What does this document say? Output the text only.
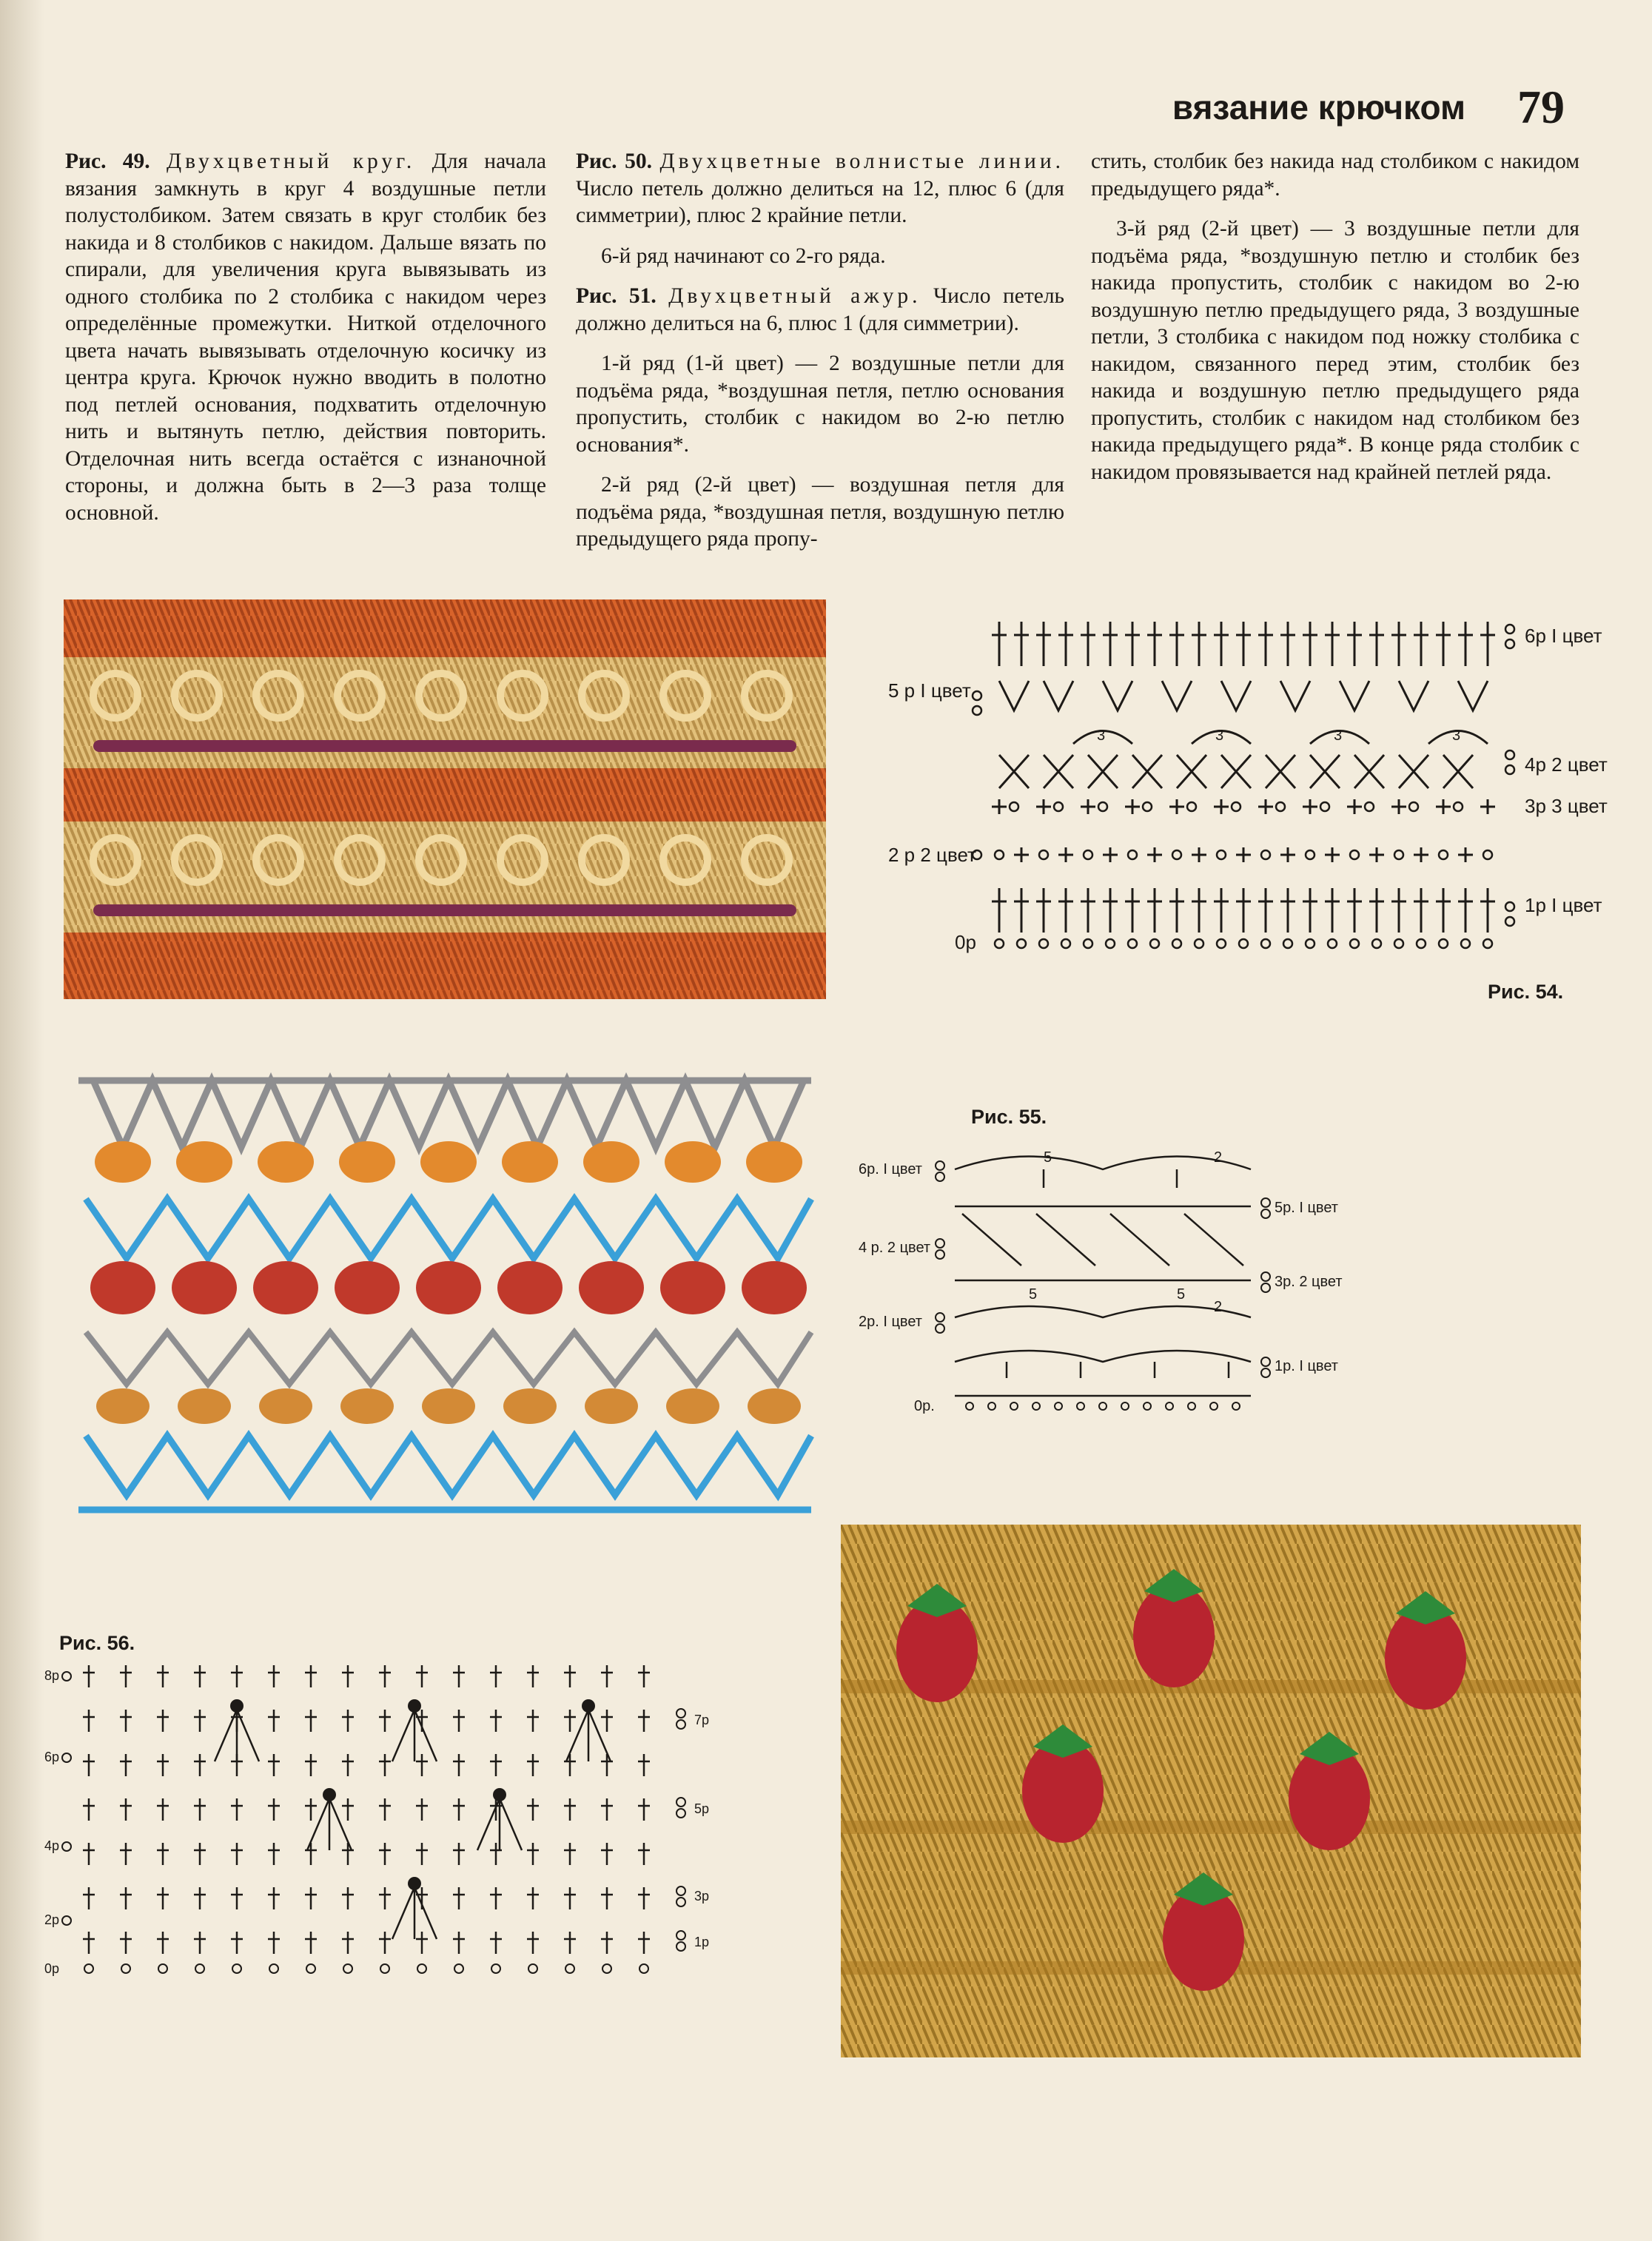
вязание крючком 79

Рис. 49. Двухцветный круг. Для начала вязания замкнуть в круг 4 воздушные петли полустолбиком. Затем связать в круг столбик без накида и 8 столбиков с накидом. Дальше вязать по спирали, для увеличения круга вывязывать из одного столбика по 2 столбика с накидом через определённые промежутки. Ниткой отделочного цвета начать вывязывать отделочную косичку из центра круга. Крючок нужно вводить в полотно под петлей основания, подхватить отделочную нить и вытянуть петлю, действия повторить. Отделочная нить всегда остаётся с изнаночной стороны, и должна быть в 2—3 раза толще основной.

Рис. 50. Двухцветные волнистые линии. Число петель должно делиться на 12, плюс 6 (для симметрии), плюс 2 крайние петли.

6-й ряд начинают со 2-го ряда.

Рис. 51. Двухцветный ажур. Число петель должно делиться на 6, плюс 1 (для симметрии).

1-й ряд (1-й цвет) — 2 воздушные петли для подъёма ряда, *воздушная петля, петлю основания пропустить, столбик с накидом во 2-ю петлю основания*.

2-й ряд (2-й цвет) — воздушная петля для подъёма ряда, *воздушная петля, воздушную петлю предыдущего ряда пропу-

стить, столбик без накида над столбиком с накидом предыдущего ряда*.

3-й ряд (2-й цвет) — 3 воздушные петли для подъёма ряда, *воздушную петлю и столбик без накида пропустить, столбик с накидом во 2-ю воздушную петлю предыдущего ряда, 3 воздушные петли, 3 столбика с накидом под ножку столбика с накидом, связанного перед этим, столбик без накида и воздушную петлю предыдущего ряда пропустить, столбик с накидом над столбиком без накида предыдущего ряда*. В конце ряда столбик с накидом провязывается над крайней петлей ряда.

6р I цвет
5 р I цвет
4р 2 цвет
3р 3 цвет
2 р 2 цвет
1р I цвет
0р
3	3	3	3
Рис. 54.
Рис. 55.
6р. I цвет
5р. I цвет
4 р. 2 цвет
3р. 2 цвет
2р. I цвет
1р. I цвет
0р.
5	2
5	5
2
Рис. 56.
8р
6р
4р
2р
0р
7р
5р
3р
1р
